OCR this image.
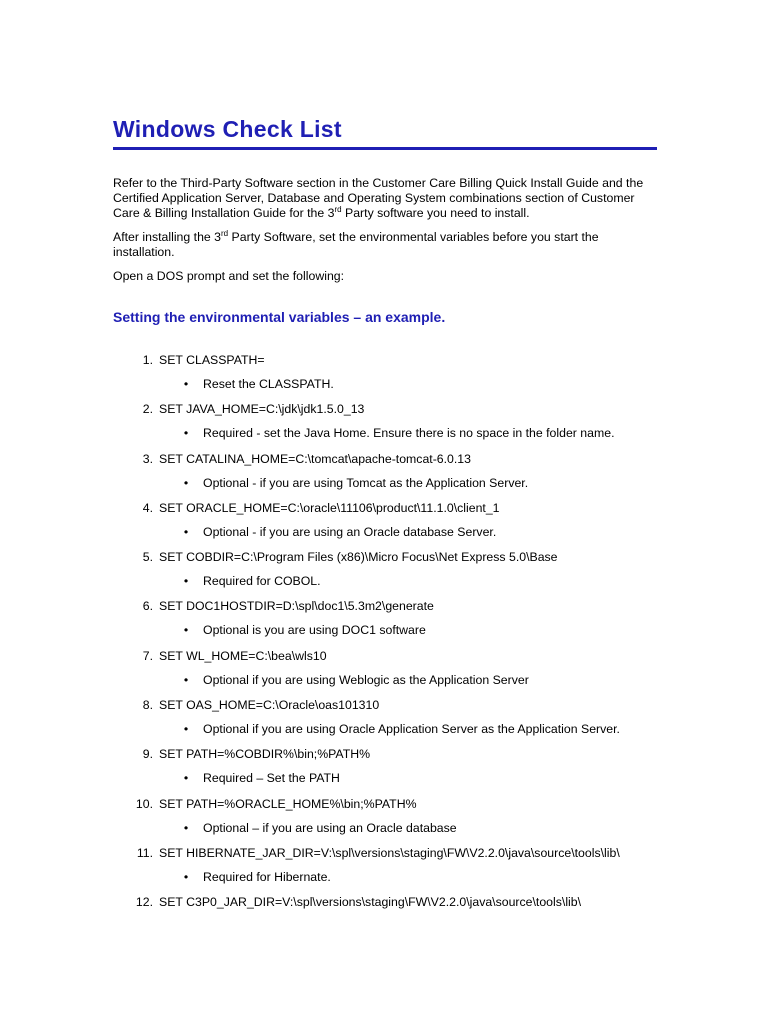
Windows Check List

Refer to the Third-Party Software section in the Customer Care Billing Quick Install Guide and the Certified Application Server, Database and Operating System combinations section of Customer Care & Billing Installation Guide for the 3rd Party software you need to install.

After installing the 3rd Party Software, set the environmental variables before you start the installation.

Open a DOS prompt and set the following:

Setting the environmental variables – an example.
1. SET CLASSPATH=
•	Reset the CLASSPATH.
2. SET JAVA_HOME=C:\jdk\jdk1.5.0_13
•	Required - set the Java Home. Ensure there is no space in the folder name.
3. SET CATALINA_HOME=C:\tomcat\apache-tomcat-6.0.13
•	Optional - if you are using Tomcat as the Application Server.
4. SET ORACLE_HOME=C:\oracle\11106\product\11.1.0\client_1
•	Optional - if you are using an Oracle database Server.
5. SET COBDIR=C:\Program Files (x86)\Micro Focus\Net Express 5.0\Base
•	Required for COBOL.
6. SET DOC1HOSTDIR=D:\spl\doc1\5.3m2\generate
•	Optional is you are using DOC1 software
7. SET WL_HOME=C:\bea\wls10
•	Optional if you are using Weblogic as the Application Server
8. SET OAS_HOME=C:\Oracle\oas101310
•	Optional if you are using Oracle Application Server as the Application Server.
9. SET PATH=%COBDIR%\bin;%PATH%
•	Required – Set the PATH
10. SET PATH=%ORACLE_HOME%\bin;%PATH%
•	Optional – if you are using an Oracle database
11. SET HIBERNATE_JAR_DIR=V:\spl\versions\staging\FW\V2.2.0\java\source\tools\lib\
•	Required for Hibernate.
12. SET C3P0_JAR_DIR=V:\spl\versions\staging\FW\V2.2.0\java\source\tools\lib\
